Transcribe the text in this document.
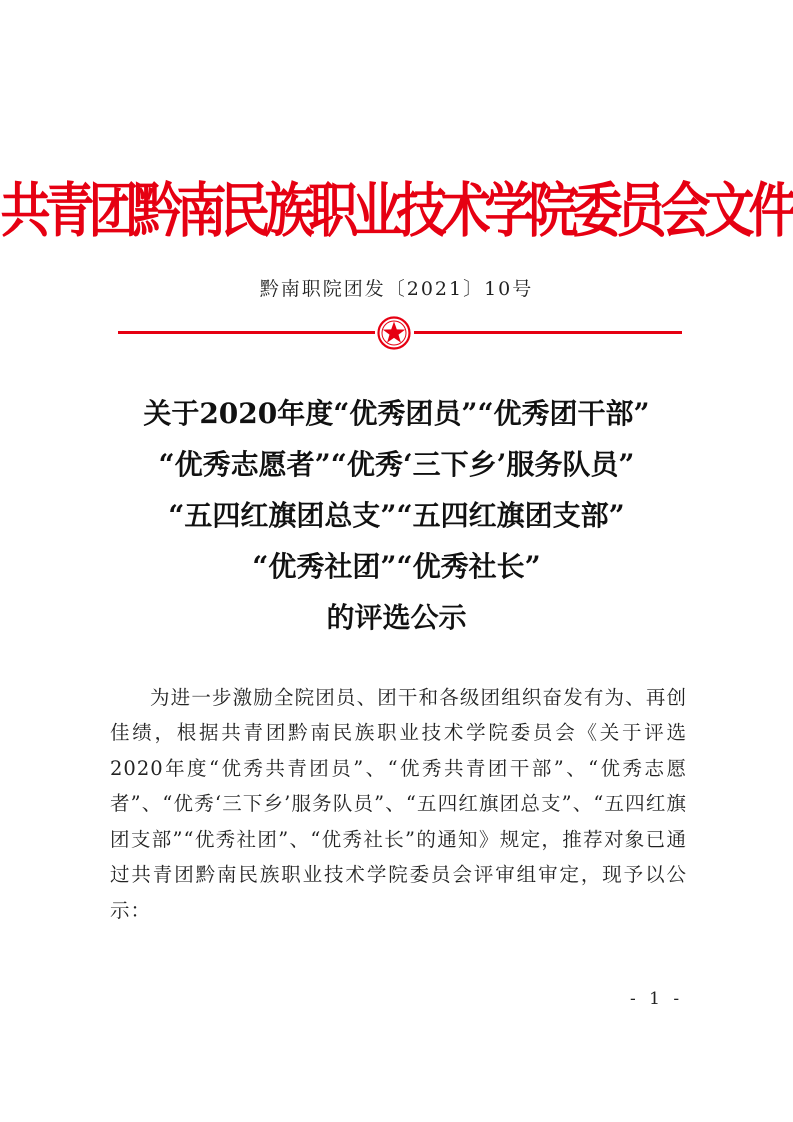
共青团黔南民族职业技术学院委员会文件
黔南职院团发〔2021〕10号
关于2020年度“优秀团员”“优秀团干部”
“优秀志愿者”“优秀‘三下乡’服务队员”
“五四红旗团总支”“五四红旗团支部”
“优秀社团”“优秀社长”
的评选公示

为进一步激励全院团员、团干和各级团组织奋发有为、再创佳绩，根据共青团黔南民族职业技术学院委员会《关于评选2020年度“优秀共青团员”、“优秀共青团干部”、“优秀志愿者”、“优秀‘三下乡’服务队员”、“五四红旗团总支”、“五四红旗团支部”“优秀社团”、“优秀社长”的通知》规定，推荐对象已通过共青团黔南民族职业技术学院委员会评审组审定，现予以公示：

- 1 -
